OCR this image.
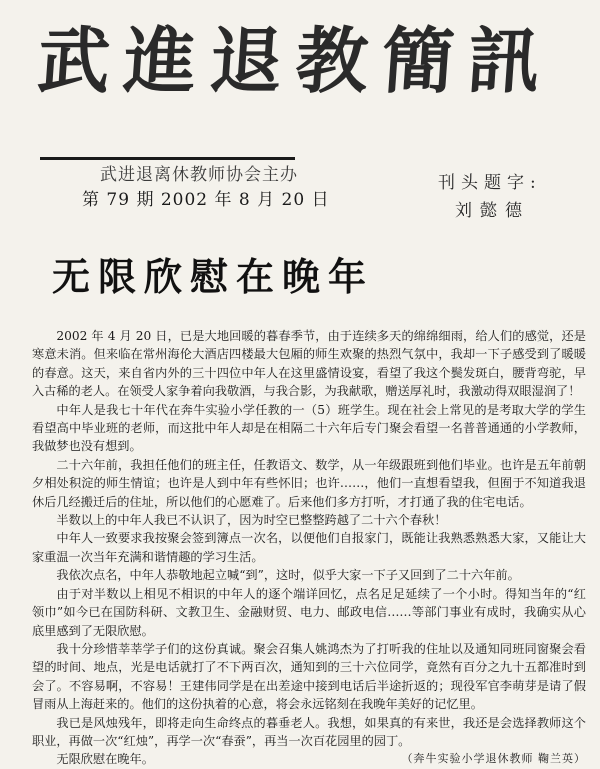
武進退教簡訊
武进退离休教师协会主办
第 79 期 2002 年 8 月 20 日
刊头题字:
刘懿德
无限欣慰在晚年

2002 年 4 月 20 日，已是大地回暖的暮春季节，由于连续多天的绵绵细雨，给人们的感觉，还是寒意未消。但来临在常州海伦大酒店四楼最大包厢的师生欢聚的热烈气氛中，我却一下子感受到了暖暖的春意。这天，来自省内外的三十四位中年人在这里盛情设宴，看望了我这个鬓发斑白，腰背弯驼，早入古稀的老人。在领受人家争着向我敬酒，与我合影，为我献歌，赠送厚礼时，我激动得双眼湿润了！

中年人是我七十年代在奔牛实验小学任教的一（5）班学生。现在社会上常见的是考取大学的学生看望高中毕业班的老师，而这批中年人却是在相隔二十六年后专门聚会看望一名普普通通的小学教师，我做梦也没有想到。

二十六年前，我担任他们的班主任，任教语文、数学，从一年级跟班到他们毕业。也许是五年前朝夕相处积淀的师生情谊；也许是人到中年有些怀旧；也许……，他们一直想看望我，但囿于不知道我退休后几经搬迁后的住址，所以他们的心愿难了。后来他们多方打听，才打通了我的住宅电话。

半数以上的中年人我已不认识了，因为时空已整整跨越了二十六个春秋！

中年人一致要求我按聚会签到簿点一次名，以便他们自报家门，既能让我熟悉熟悉大家，又能让大家重温一次当年充满和谐情趣的学习生活。

我依次点名，中年人恭敬地起立喊“到”，这时，似乎大家一下子又回到了二十六年前。

由于对半数以上相见不相识的中年人的逐个端详回忆，点名足足延续了一个小时。得知当年的“红领巾”如今已在国防科研、文教卫生、金融财贸、电力、邮政电信……等部门事业有成时，我确实从心底里感到了无限欣慰。

我十分珍惜莘莘学子们的这份真诚。聚会召集人姚鸿杰为了打听我的住址以及通知同班同窗聚会看望的时间、地点，光是电话就打了不下两百次，通知到的三十六位同学，竟然有百分之九十五都准时到会了。不容易啊，不容易！王建伟同学是在出差途中接到电话后半途折返的；现役军官李萌芽是请了假冒雨从上海赶来的。他们的这份执着的心意，将会永远铭刻在我晚年美好的记忆里。

我已是风烛残年，即将走向生命终点的暮垂老人。我想，如果真的有来世，我还是会选择教师这个职业，再做一次“红烛”，再学一次“春蚕”，再当一次百花园里的园丁。

无限欣慰在晚年。	（奔牛实验小学退休教师 鞠兰英）
